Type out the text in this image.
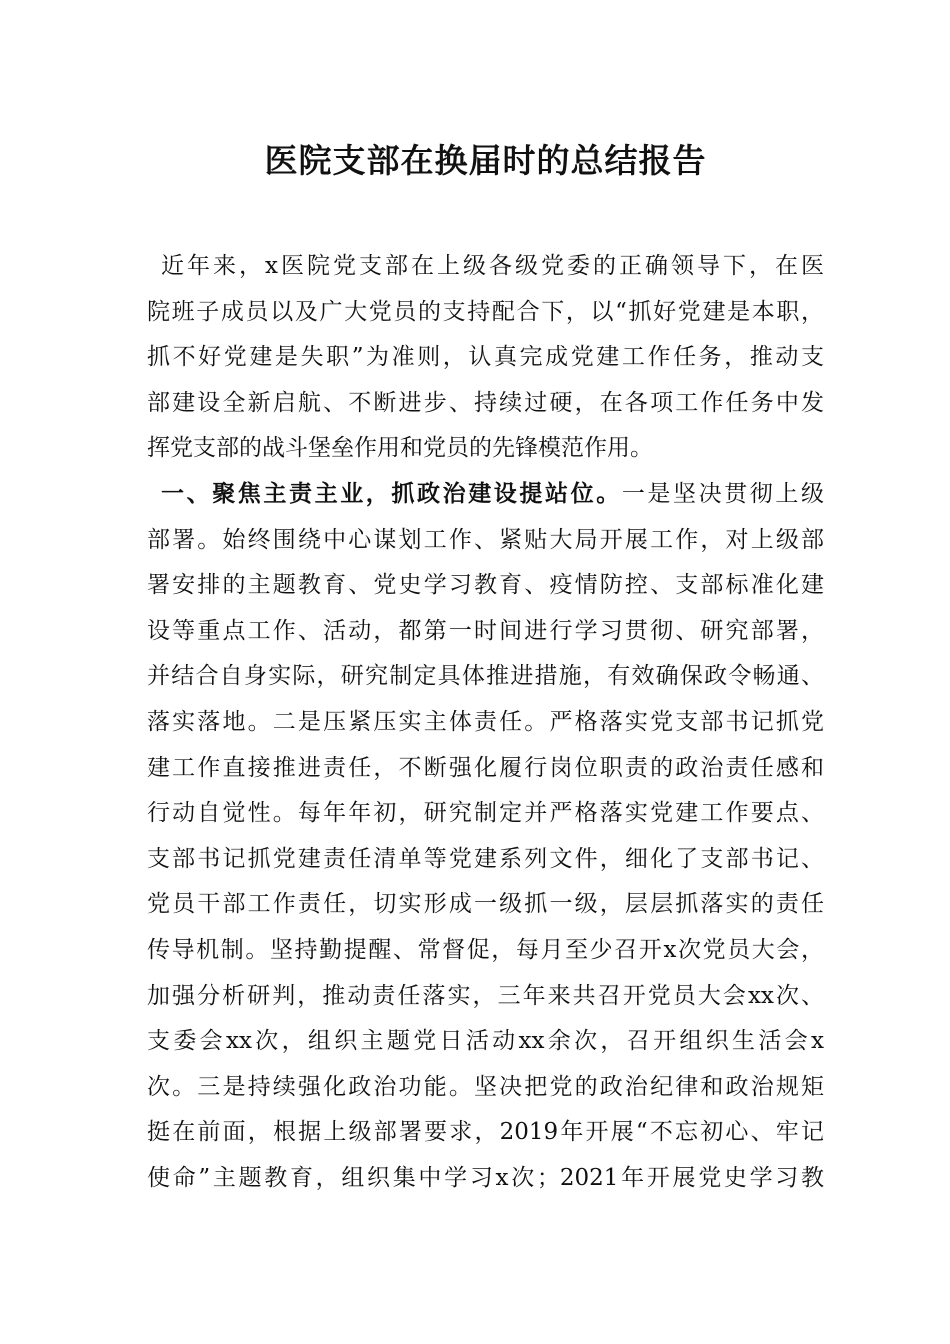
医院支部在换届时的总结报告
近年来，x医院党支部在上级各级党委的正确领导下，在医
院班子成员以及广大党员的支持配合下，以“抓好党建是本职，
抓不好党建是失职”为准则，认真完成党建工作任务，推动支
部建设全新启航、不断进步、持续过硬，在各项工作任务中发
挥党支部的战斗堡垒作用和党员的先锋模范作用。
一、聚焦主责主业，抓政治建设提站位。一是坚决贯彻上级
部署。始终围绕中心谋划工作、紧贴大局开展工作，对上级部
署安排的主题教育、党史学习教育、疫情防控、支部标准化建
设等重点工作、活动，都第一时间进行学习贯彻、研究部署，
并结合自身实际，研究制定具体推进措施，有效确保政令畅通、
落实落地。二是压紧压实主体责任。严格落实党支部书记抓党
建工作直接推进责任，不断强化履行岗位职责的政治责任感和
行动自觉性。每年年初，研究制定并严格落实党建工作要点、
支部书记抓党建责任清单等党建系列文件，细化了支部书记、
党员干部工作责任，切实形成一级抓一级，层层抓落实的责任
传导机制。坚持勤提醒、常督促，每月至少召开x次党员大会，
加强分析研判，推动责任落实，三年来共召开党员大会xx次、
支委会xx次，组织主题党日活动xx余次，召开组织生活会x
次。三是持续强化政治功能。坚决把党的政治纪律和政治规矩
挺在前面，根据上级部署要求，2019年开展“不忘初心、牢记
使命”主题教育，组织集中学习x次；2021年开展党史学习教
